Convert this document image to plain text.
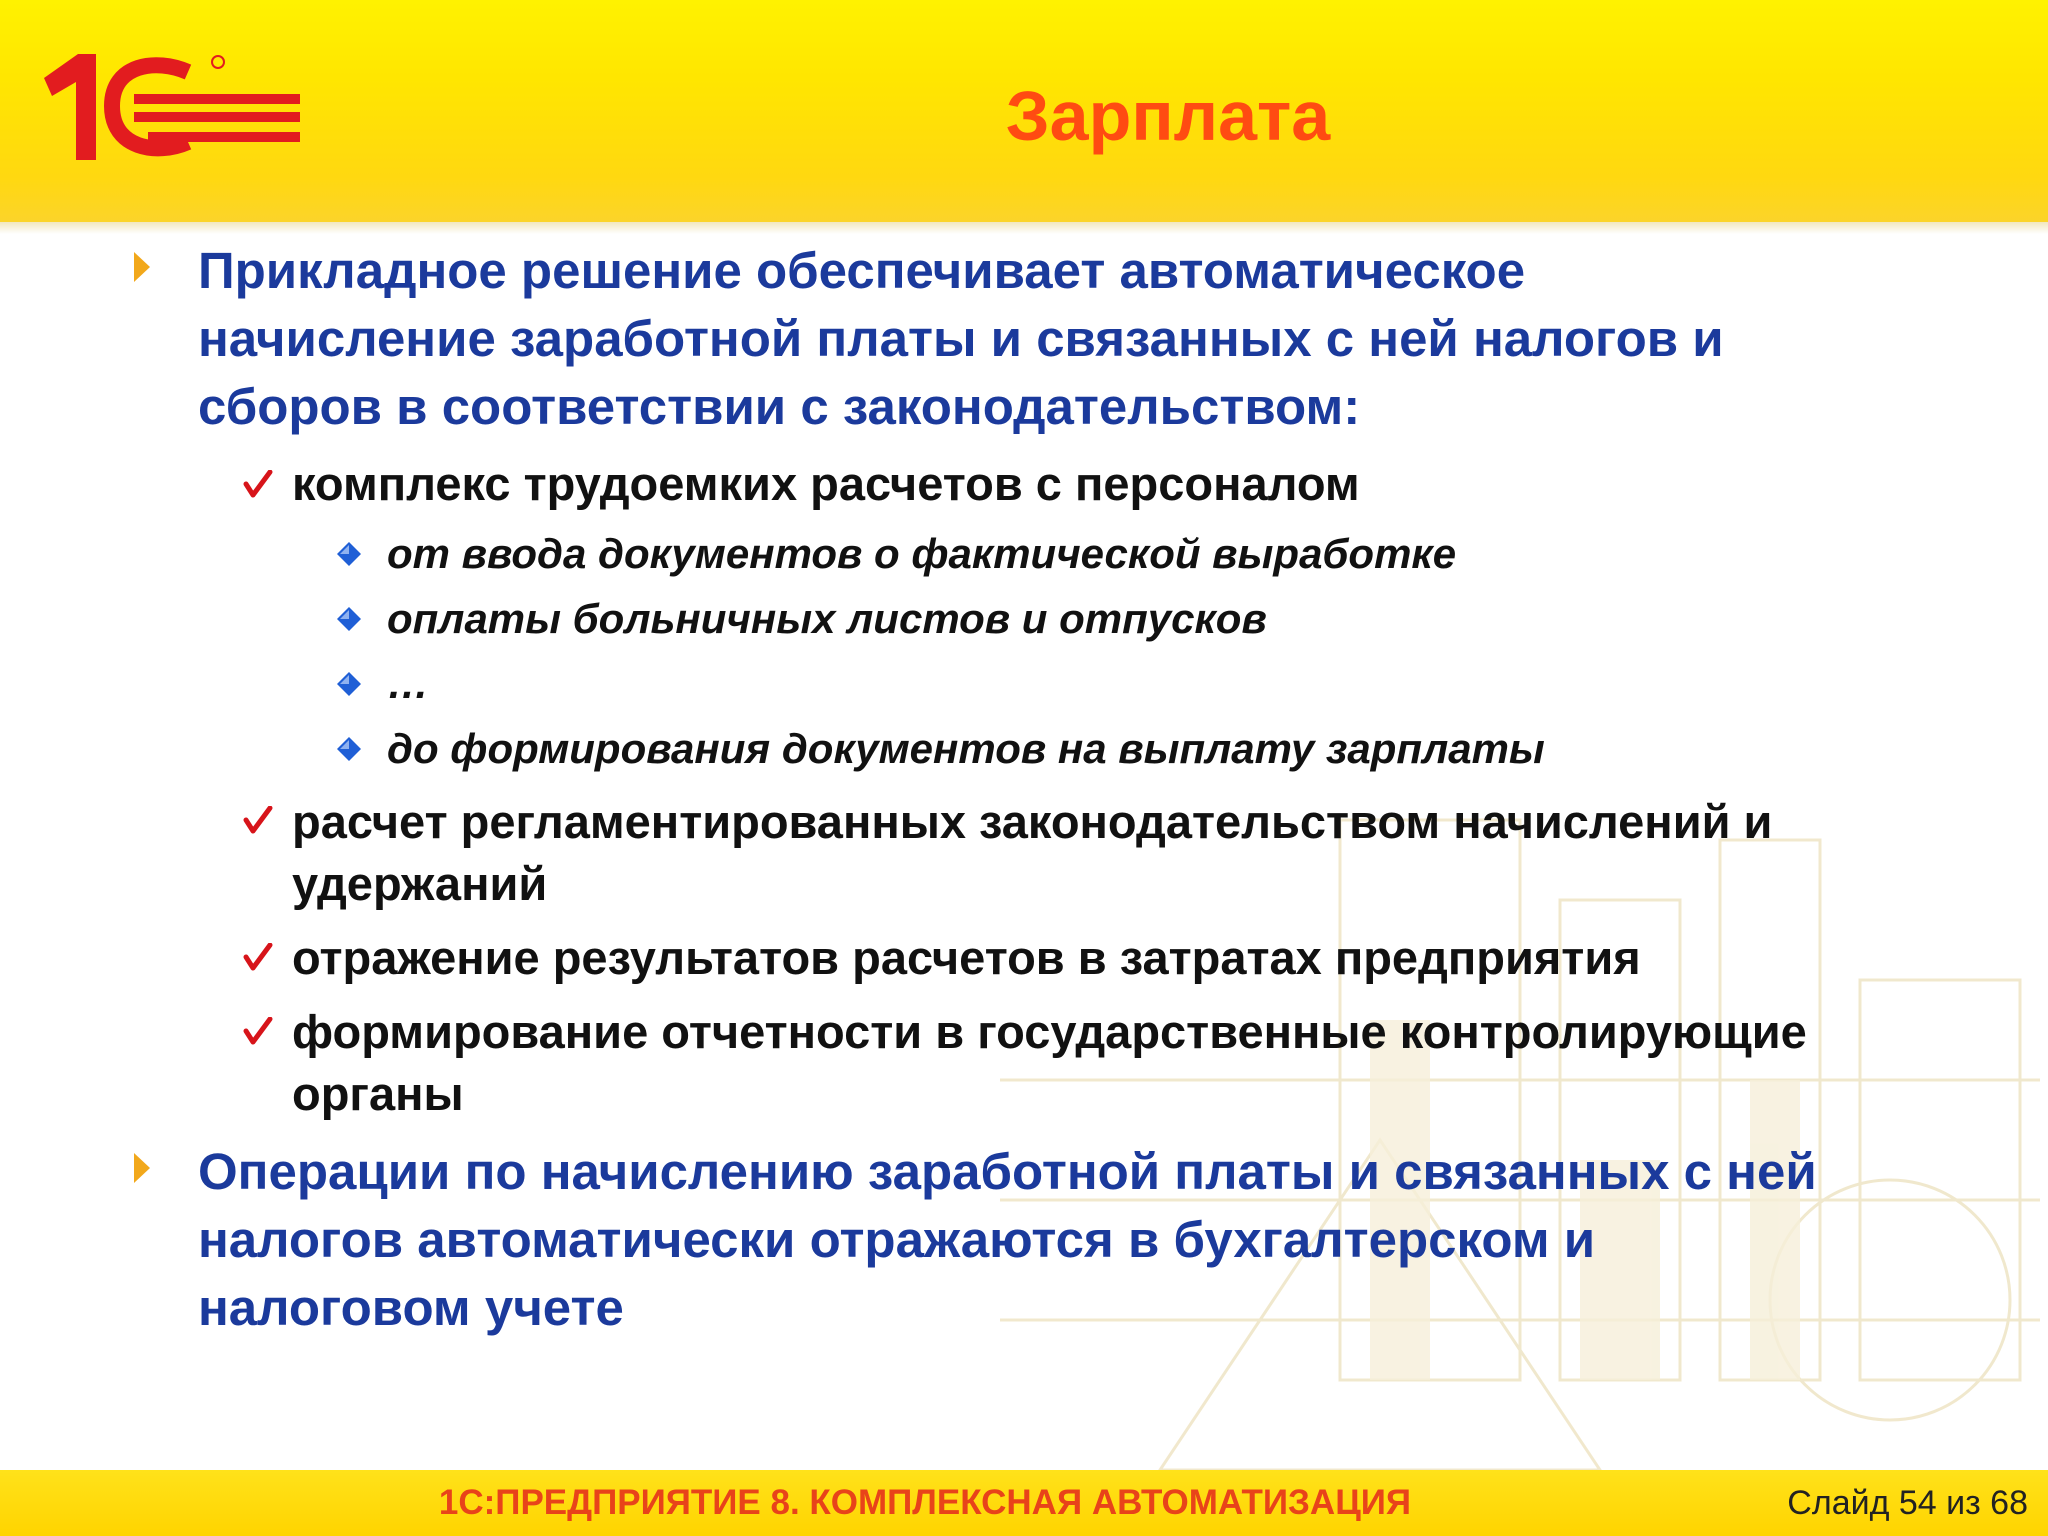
Зарплата
Прикладное решение обеспечивает автоматическое
начисление заработной платы и связанных с ней налогов и
сборов в соответствии с законодательством:
комплекс трудоемких расчетов с персоналом
от ввода документов о фактической выработке
оплаты больничных листов и отпусков
…
до формирования документов на выплату зарплаты
расчет регламентированных законодательством начислений и
удержаний
отражение результатов расчетов в затратах предприятия
формирование отчетности в государственные контролирующие
органы
Операции по начислению заработной платы и связанных с ней
налогов автоматически отражаются в бухгалтерском и
налоговом учете
1С:ПРЕДПРИЯТИЕ 8. КОМПЛЕКСНАЯ АВТОМАТИЗАЦИЯ	Слайд 54 из 68
